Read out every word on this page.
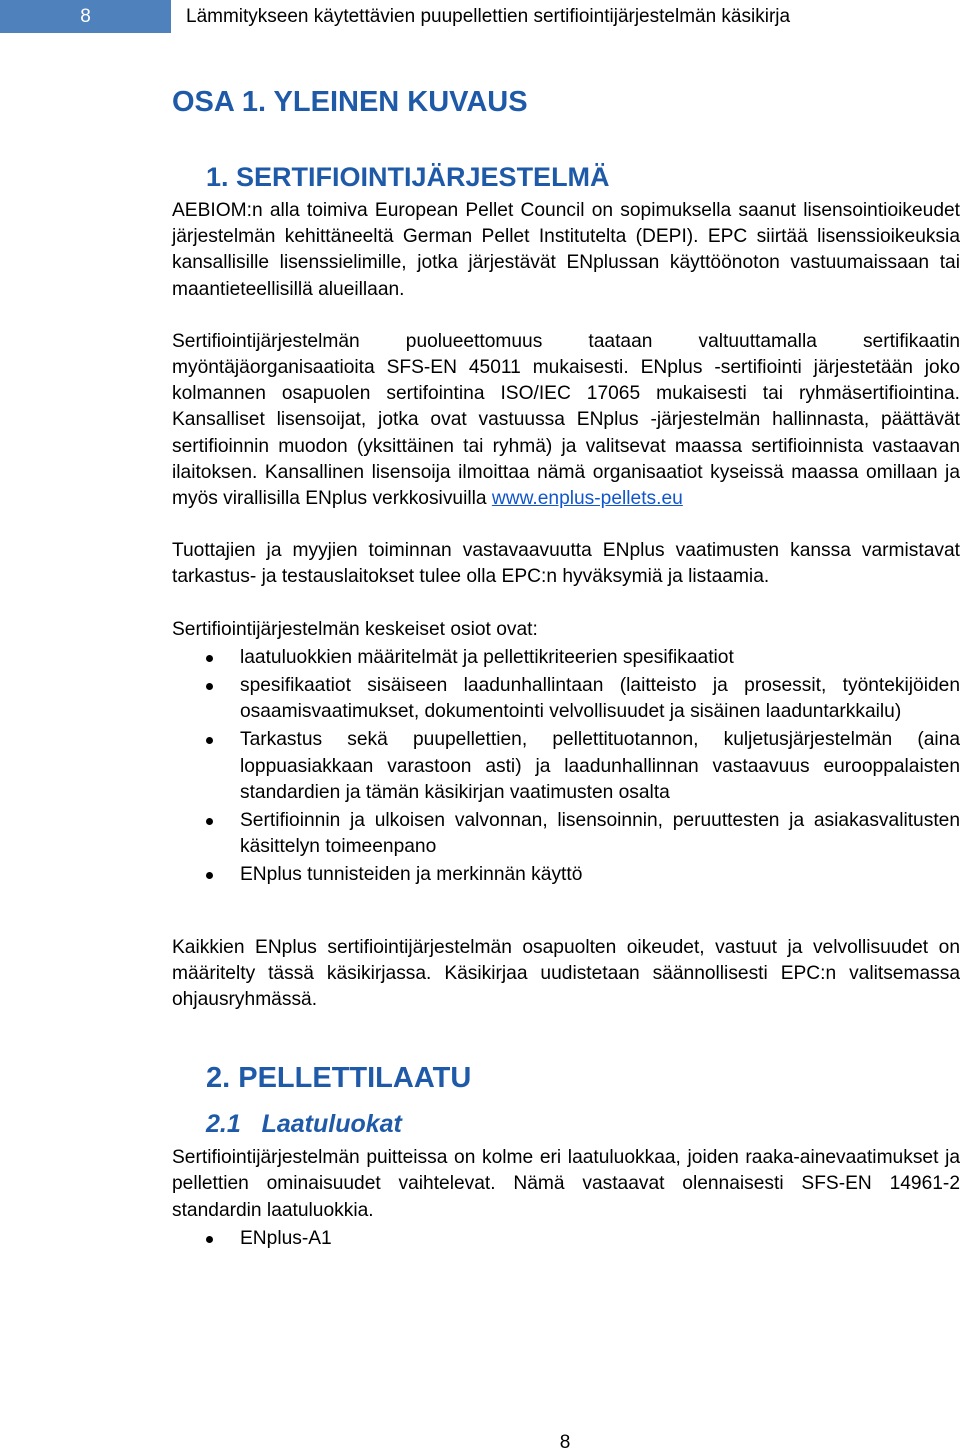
8	Lämmitykseen käytettävien puupellettien sertifiointijärjestelmän käsikirja
OSA 1. YLEINEN KUVAUS
1. SERTIFIOINTIJÄRJESTELMÄ

AEBIOM:n alla toimiva European Pellet Council on sopimuksella saanut lisensointioikeudet järjestelmän kehittäneeltä German Pellet Institutelta (DEPI). EPC siirtää lisenssioikeuksia kansallisille lisenssielimille, jotka järjestävät ENplussan käyttöönoton vastuumaissaan tai maantieteellisillä alueillaan.

Sertifiointijärjestelmän puolueettomuus taataan valtuuttamalla sertifikaatin myöntäjäorganisaatioita SFS-EN 45011 mukaisesti. ENplus -sertifiointi järjestetään joko kolmannen osapuolen sertifointina ISO/IEC 17065 mukaisesti tai ryhmäsertifiointina. Kansalliset lisensoijat, jotka ovat vastuussa ENplus -järjestelmän hallinnasta, päättävät sertifioinnin muodon (yksittäinen tai ryhmä) ja valitsevat maassa sertifioinnista vastaavan ilaitoksen. Kansallinen lisensoija ilmoittaa nämä organisaatiot kyseissä maassa omillaan ja myös virallisilla ENplus verkkosivuilla www.enplus-pellets.eu

Tuottajien ja myyjien toiminnan vastavaavuutta ENplus vaatimusten kanssa varmistavat tarkastus- ja testauslaitokset tulee olla EPC:n hyväksymiä ja listaamia.

Sertifiointijärjestelmän keskeiset osiot ovat:

laatuluokkien määritelmät ja pellettikriteerien spesifikaatiot
spesifikaatiot sisäiseen laadunhallintaan (laitteisto ja prosessit, työntekijöiden osaamisvaatimukset, dokumentointi velvollisuudet ja sisäinen laaduntarkkailu)
Tarkastus sekä puupellettien, pellettituotannon, kuljetusjärjestelmän (aina loppuasiakkaan varastoon asti) ja laadunhallinnan vastaavuus eurooppalaisten standardien ja tämän käsikirjan vaatimusten osalta
Sertifioinnin ja ulkoisen valvonnan, lisensoinnin, peruuttesten ja asiakasvalitusten käsittelyn toimeenpano
ENplus tunnisteiden ja merkinnän käyttö

Kaikkien ENplus sertifiointijärjestelmän osapuolten oikeudet, vastuut ja velvollisuudet on määritelty tässä käsikirjassa. Käsikirjaa uudistetaan säännollisesti EPC:n valitsemassa ohjausryhmässä.

2. PELLETTILAATU
2.1   Laatuluokat

Sertifiointijärjestelmän puitteissa on kolme eri laatuluokkaa, joiden raaka-ainevaatimukset ja pellettien ominaisuudet vaihtelevat. Nämä vastaavat olennaisesti SFS-EN 14961-2 standardin laatuluokkia.

ENplus-A1
8
